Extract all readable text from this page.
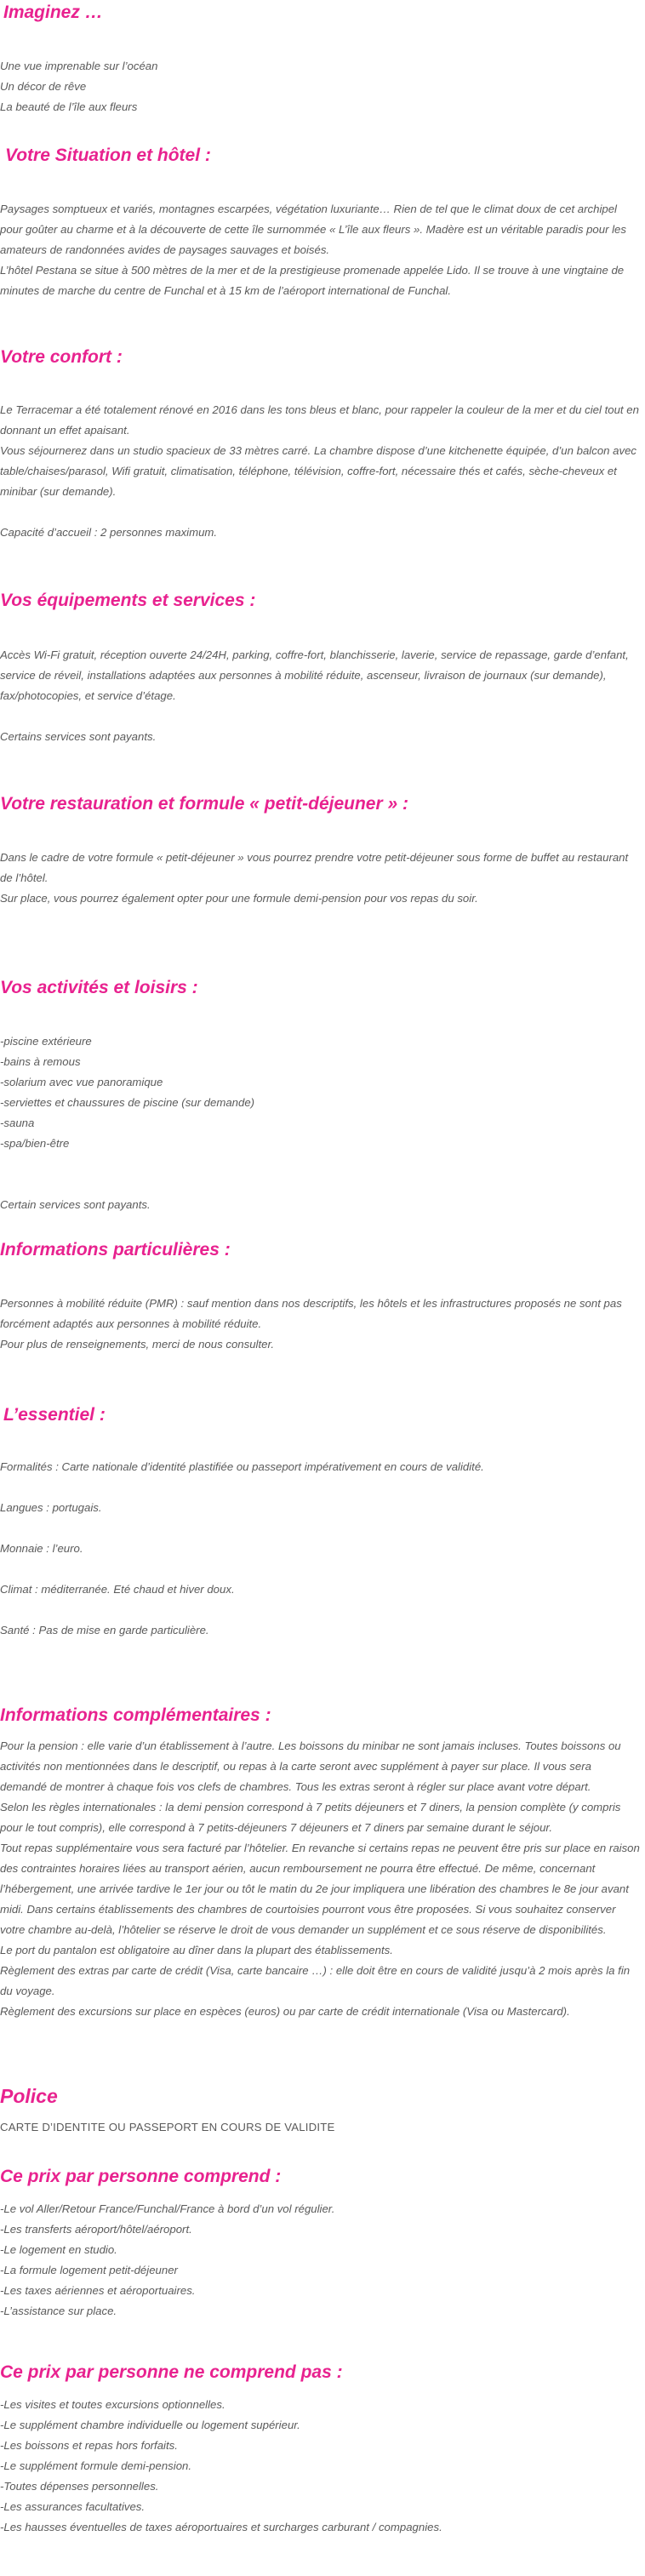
Imaginez …
Une vue imprenable sur l’océan
Un décor de rêve
La beauté de l’île aux fleurs
Votre Situation et hôtel :

Paysages somptueux et variés, montagnes escarpées, végétation luxuriante… Rien de tel que le climat doux de cet archipel pour goûter au charme et à la découverte de cette île surnommée « L’île aux fleurs ». Madère est un véritable paradis pour les amateurs de randonnées avides de paysages sauvages et boisés.

L’hôtel Pestana se situe à 500 mètres de la mer et de la prestigieuse promenade appelée Lido. Il se trouve à une vingtaine de minutes de marche du centre de Funchal et à 15 km de l’aéroport international de Funchal.

Votre confort :

Le Terracemar a été totalement rénové en 2016 dans les tons bleus et blanc, pour rappeler la couleur de la mer et du ciel tout en donnant un effet apaisant.

Vous séjournerez dans un studio spacieux de 33 mètres carré. La chambre dispose d’une kitchenette équipée, d’un balcon avec table/chaises/parasol, Wifi gratuit, climatisation, téléphone, télévision, coffre-fort, nécessaire thés et cafés, sèche-cheveux et minibar (sur demande).

Capacité d’accueil : 2 personnes maximum.

Vos équipements et services :

Accès Wi-Fi gratuit, réception ouverte 24/24H, parking, coffre-fort, blanchisserie, laverie, service de repassage, garde d’enfant, service de réveil, installations adaptées aux personnes à mobilité réduite, ascenseur, livraison de journaux (sur demande), fax/photocopies, et service d’étage.

Certains services sont payants.

Votre restauration et formule « petit-déjeuner » :

Dans le cadre de votre formule « petit-déjeuner » vous pourrez prendre votre petit-déjeuner sous forme de buffet au restaurant de l’hôtel.

Sur place, vous pourrez également opter pour une formule demi-pension pour vos repas du soir.

Vos activités et loisirs :
-piscine extérieure
-bains à remous
-solarium avec vue panoramique
-serviettes et chaussures de piscine (sur demande)
-sauna
-spa/bien-être

Certain services sont payants.

Informations particulières :

Personnes à mobilité réduite (PMR) : sauf mention dans nos descriptifs, les hôtels et les infrastructures proposés ne sont pas forcément adaptés aux personnes à mobilité réduite.

Pour plus de renseignements, merci de nous consulter.

L’essentiel :

Formalités : Carte nationale d’identité plastifiée ou passeport impérativement en cours de validité.

Langues : portugais.

Monnaie : l’euro.

Climat : méditerranée. Eté chaud et hiver doux.

Santé : Pas de mise en garde particulière.

Informations complémentaires :

Pour la pension : elle varie d’un établissement à l’autre. Les boissons du minibar ne sont jamais incluses. Toutes boissons ou activités non mentionnées dans le descriptif, ou repas à la carte seront avec supplément à payer sur place. Il vous sera demandé de montrer à chaque fois vos clefs de chambres. Tous les extras seront à régler sur place avant votre départ.

Selon les règles internationales : la demi pension correspond à 7 petits déjeuners et 7 diners, la pension complète (y compris pour le tout compris), elle correspond à 7 petits-déjeuners 7 déjeuners et 7 diners par semaine durant le séjour.

Tout repas supplémentaire vous sera facturé par l’hôtelier. En revanche si certains repas ne peuvent être pris sur place en raison des contraintes horaires liées au transport aérien, aucun remboursement ne pourra être effectué. De même, concernant l’hébergement, une arrivée tardive le 1er jour ou tôt le matin du 2e jour impliquera une libération des chambres le 8e jour avant midi. Dans certains établissements des chambres de courtoisies pourront vous être proposées. Si vous souhaitez conserver votre chambre au-delà, l’hôtelier se réserve le droit de vous demander un supplément et ce sous réserve de disponibilités.

Le port du pantalon est obligatoire au dîner dans la plupart des établissements.

Règlement des extras par carte de crédit (Visa, carte bancaire …) : elle doit être en cours de validité jusqu’à 2 mois après la fin du voyage.

Règlement des excursions sur place en espèces (euros) ou par carte de crédit internationale (Visa ou Mastercard).

Police

CARTE D’IDENTITE OU PASSEPORT EN COURS DE VALIDITE

Ce prix par personne comprend :
-Le vol Aller/Retour France/Funchal/France à bord d’un vol régulier.
-Les transferts aéroport/hôtel/aéroport.
-Le logement en studio.
-La formule logement petit-déjeuner
-Les taxes aériennes et aéroportuaires.
-L’assistance sur place.
Ce prix par personne ne comprend pas :
-Les visites et toutes excursions optionnelles.
-Le supplément chambre individuelle ou logement supérieur.
-Les boissons et repas hors forfaits.
-Le supplément formule demi-pension.
-Toutes dépenses personnelles.
-Les assurances facultatives.
-Les hausses éventuelles de taxes aéroportuaires et surcharges carburant / compagnies.
